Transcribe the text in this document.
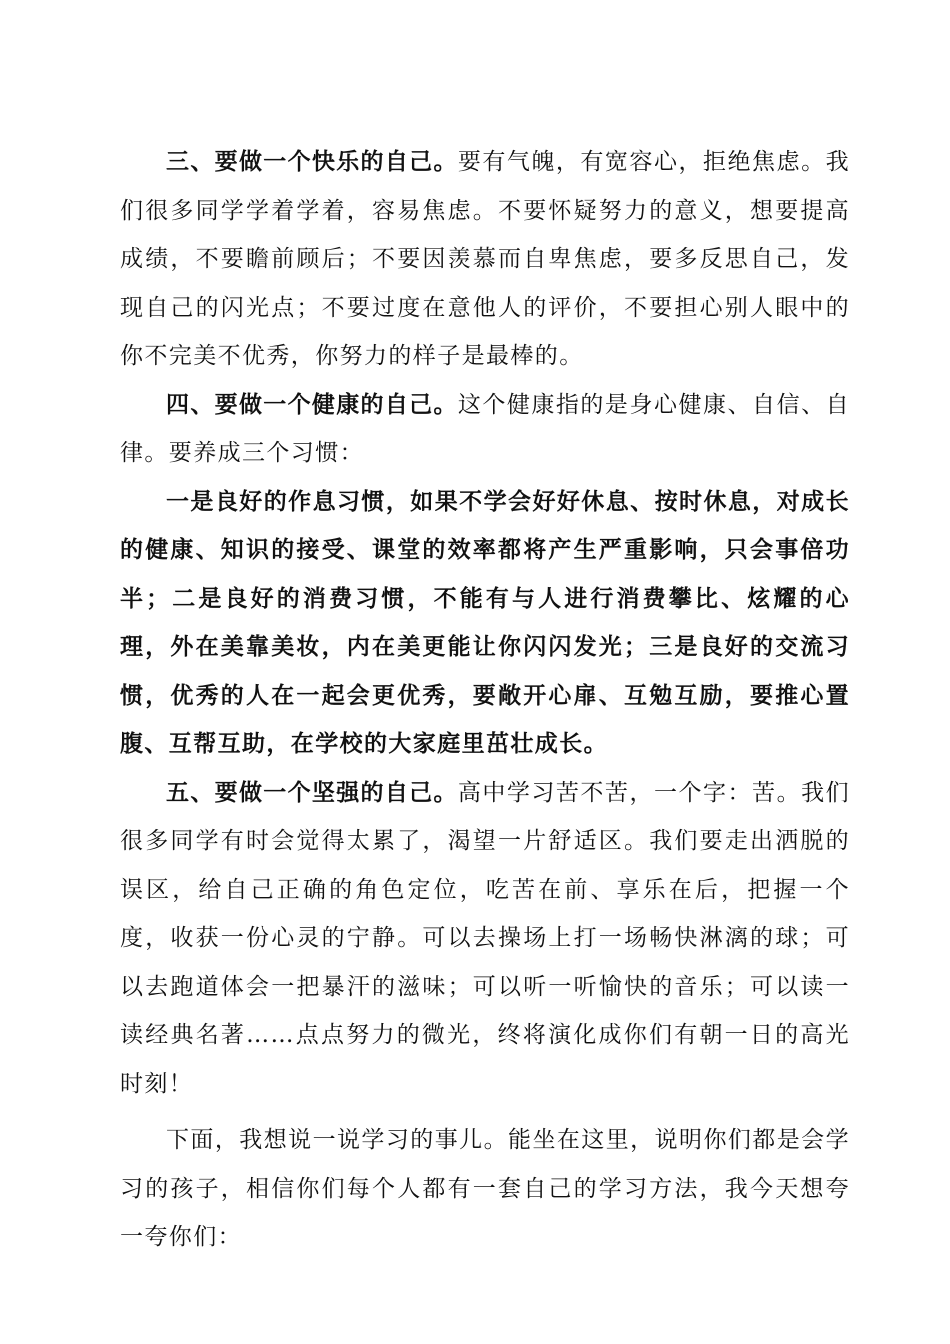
三、要做一个快乐的自己。要有气魄，有宽容心，拒绝焦虑。我们很多同学学着学着，容易焦虑。不要怀疑努力的意义，想要提高成绩，不要瞻前顾后；不要因羡慕而自卑焦虑，要多反思自己，发现自己的闪光点；不要过度在意他人的评价，不要担心别人眼中的你不完美不优秀，你努力的样子是最棒的。

四、要做一个健康的自己。这个健康指的是身心健康、自信、自律。要养成三个习惯：

一是良好的作息习惯，如果不学会好好休息、按时休息，对成长的健康、知识的接受、课堂的效率都将产生严重影响，只会事倍功半；二是良好的消费习惯，不能有与人进行消费攀比、炫耀的心理，外在美靠美妆，内在美更能让你闪闪发光；三是良好的交流习惯，优秀的人在一起会更优秀，要敞开心扉、互勉互励，要推心置腹、互帮互助，在学校的大家庭里茁壮成长。

五、要做一个坚强的自己。高中学习苦不苦，一个字：苦。我们很多同学有时会觉得太累了，渴望一片舒适区。我们要走出洒脱的误区，给自己正确的角色定位，吃苦在前、享乐在后，把握一个度，收获一份心灵的宁静。可以去操场上打一场畅快淋漓的球；可以去跑道体会一把暴汗的滋味；可以听一听愉快的音乐；可以读一读经典名著……点点努力的微光，终将演化成你们有朝一日的高光时刻！

下面，我想说一说学习的事儿。能坐在这里，说明你们都是会学习的孩子，相信你们每个人都有一套自己的学习方法，我今天想夸一夸你们：
